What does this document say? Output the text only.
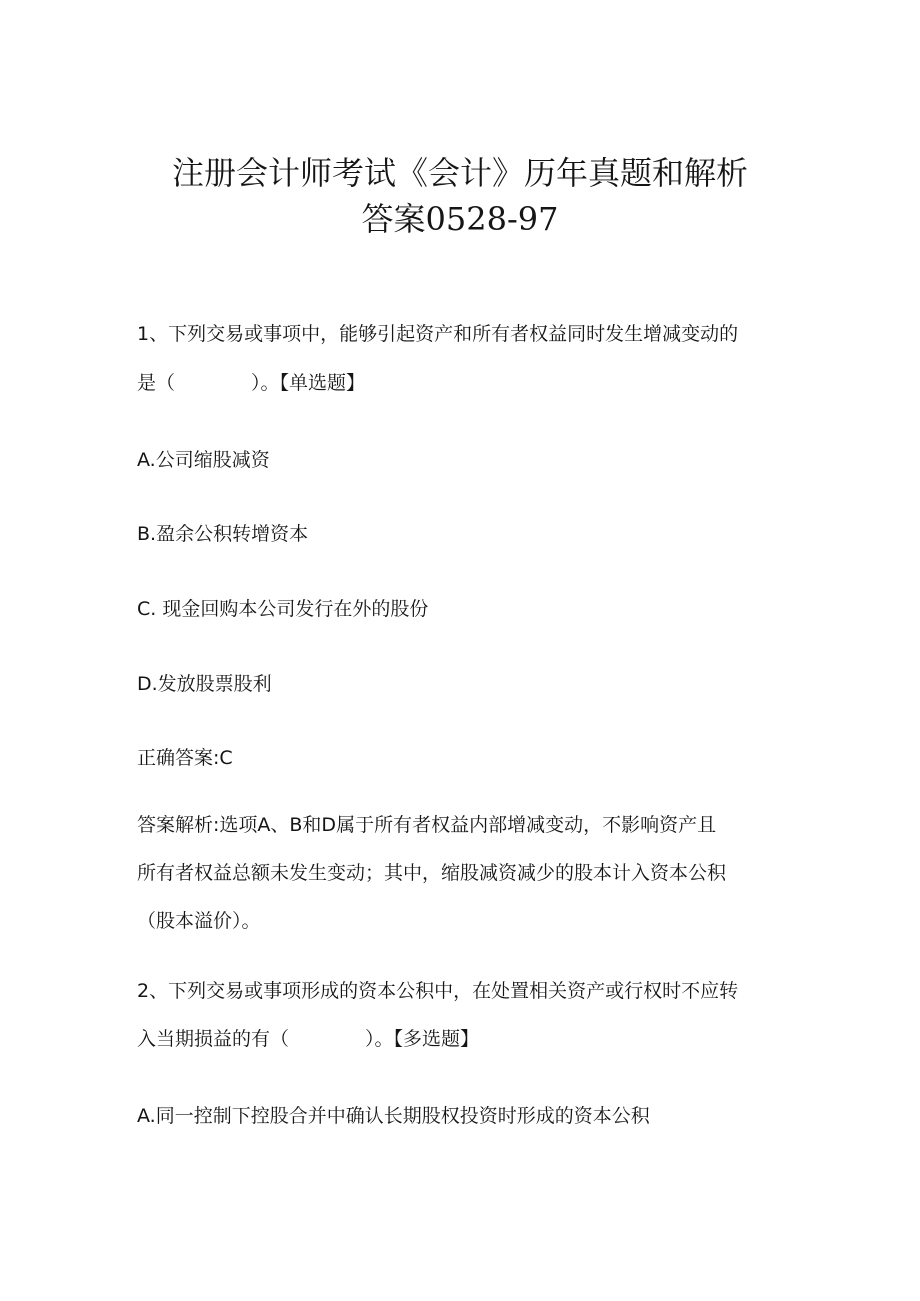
注册会计师考试《会计》历年真题和解析
答案0528-97
1、下列交易或事项中，能够引起资产和所有者权益同时发生增减变动的
是（　　　　）。【单选题】
A.公司缩股减资
B.盈余公积转增资本
C. 现金回购本公司发行在外的股份
D.发放股票股利
正确答案:C
答案解析:选项A、B和D属于所有者权益内部增减变动，不影响资产且
所有者权益总额未发生变动；其中，缩股减资减少的股本计入资本公积
（股本溢价）。
2、下列交易或事项形成的资本公积中，在处置相关资产或行权时不应转
入当期损益的有（　　　　）。【多选题】
A.同一控制下控股合并中确认长期股权投资时形成的资本公积
